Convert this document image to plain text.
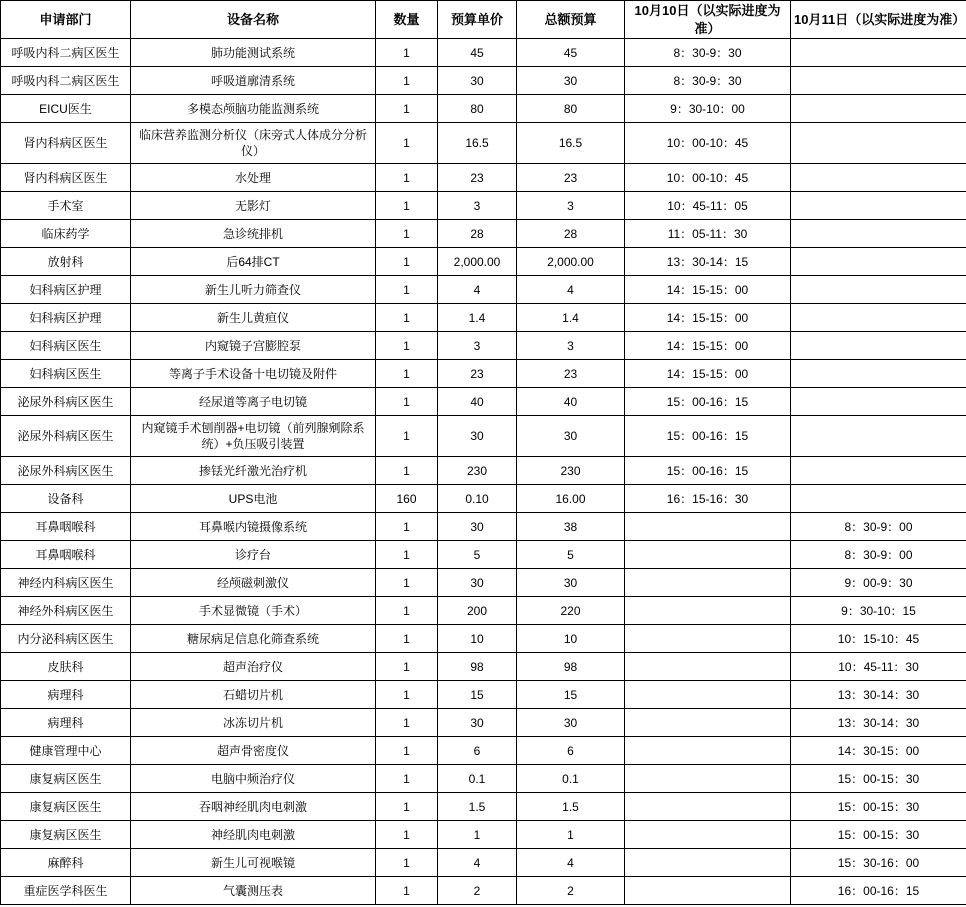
申请部门	设备名称	数量	预算单价	总额预算	10月10日（以实际进度为准）	10月11日（以实际进度为准）
呼吸内科二病区医生	肺功能测试系统	1	45	45	8：30-9：30	
呼吸内科二病区医生	呼吸道廓清系统	1	30	30	8：30-9：30	
EICU医生	多模态颅脑功能监测系统	1	80	80	9：30-10：00	
肾内科病区医生	临床营养监测分析仪（床旁式人体成分分析仪）	1	16.5	16.5	10：00-10：45	
肾内科病区医生	水处理	1	23	23	10：00-10：45	
手术室	无影灯	1	3	3	10：45-11：05	
临床药学	急诊统排机	1	28	28	11：05-11：30	
放射科	后64排CT	1	2,000.00	2,000.00	13：30-14：15	
妇科病区护理	新生儿听力筛查仪	1	4	4	14：15-15：00	
妇科病区护理	新生儿黄疸仪	1	1.4	1.4	14：15-15：00	
妇科病区医生	内窥镜子宫膨腔泵	1	3	3	14：15-15：00	
妇科病区医生	等离子手术设备十电切镜及附件	1	23	23	14：15-15：00	
泌尿外科病区医生	经尿道等离子电切镜	1	40	40	15：00-16：15	
泌尿外科病区医生	内窥镜手术刨削器+电切镜（前列腺剜除系统）+负压吸引装置	1	30	30	15：00-16：15	
泌尿外科病区医生	掺铥光纤激光治疗机	1	230	230	15：00-16：15	
设备科	UPS电池	160	0.10	16.00	16：15-16：30	
耳鼻咽喉科	耳鼻喉内镜摄像系统	1	30	38		8：30-9：00
耳鼻咽喉科	诊疗台	1	5	5		8：30-9：00
神经内科病区医生	经颅磁刺激仪	1	30	30		9：00-9：30
神经外科病区医生	手术显微镜（手术）	1	200	220		9：30-10：15
内分泌科病区医生	糖尿病足信息化筛查系统	1	10	10		10：15-10：45
皮肤科	超声治疗仪	1	98	98		10：45-11：30
病理科	石蜡切片机	1	15	15		13：30-14：30
病理科	冰冻切片机	1	30	30		13：30-14：30
健康管理中心	超声骨密度仪	1	6	6		14：30-15：00
康复病区医生	电脑中频治疗仪	1	0.1	0.1		15：00-15：30
康复病区医生	吞咽神经肌肉电刺激	1	1.5	1.5		15：00-15：30
康复病区医生	神经肌肉电刺激	1	1	1		15：00-15：30
麻醉科	新生儿可视喉镜	1	4	4		15：30-16：00
重症医学科医生	气囊测压表	1	2	2		16：00-16：15
